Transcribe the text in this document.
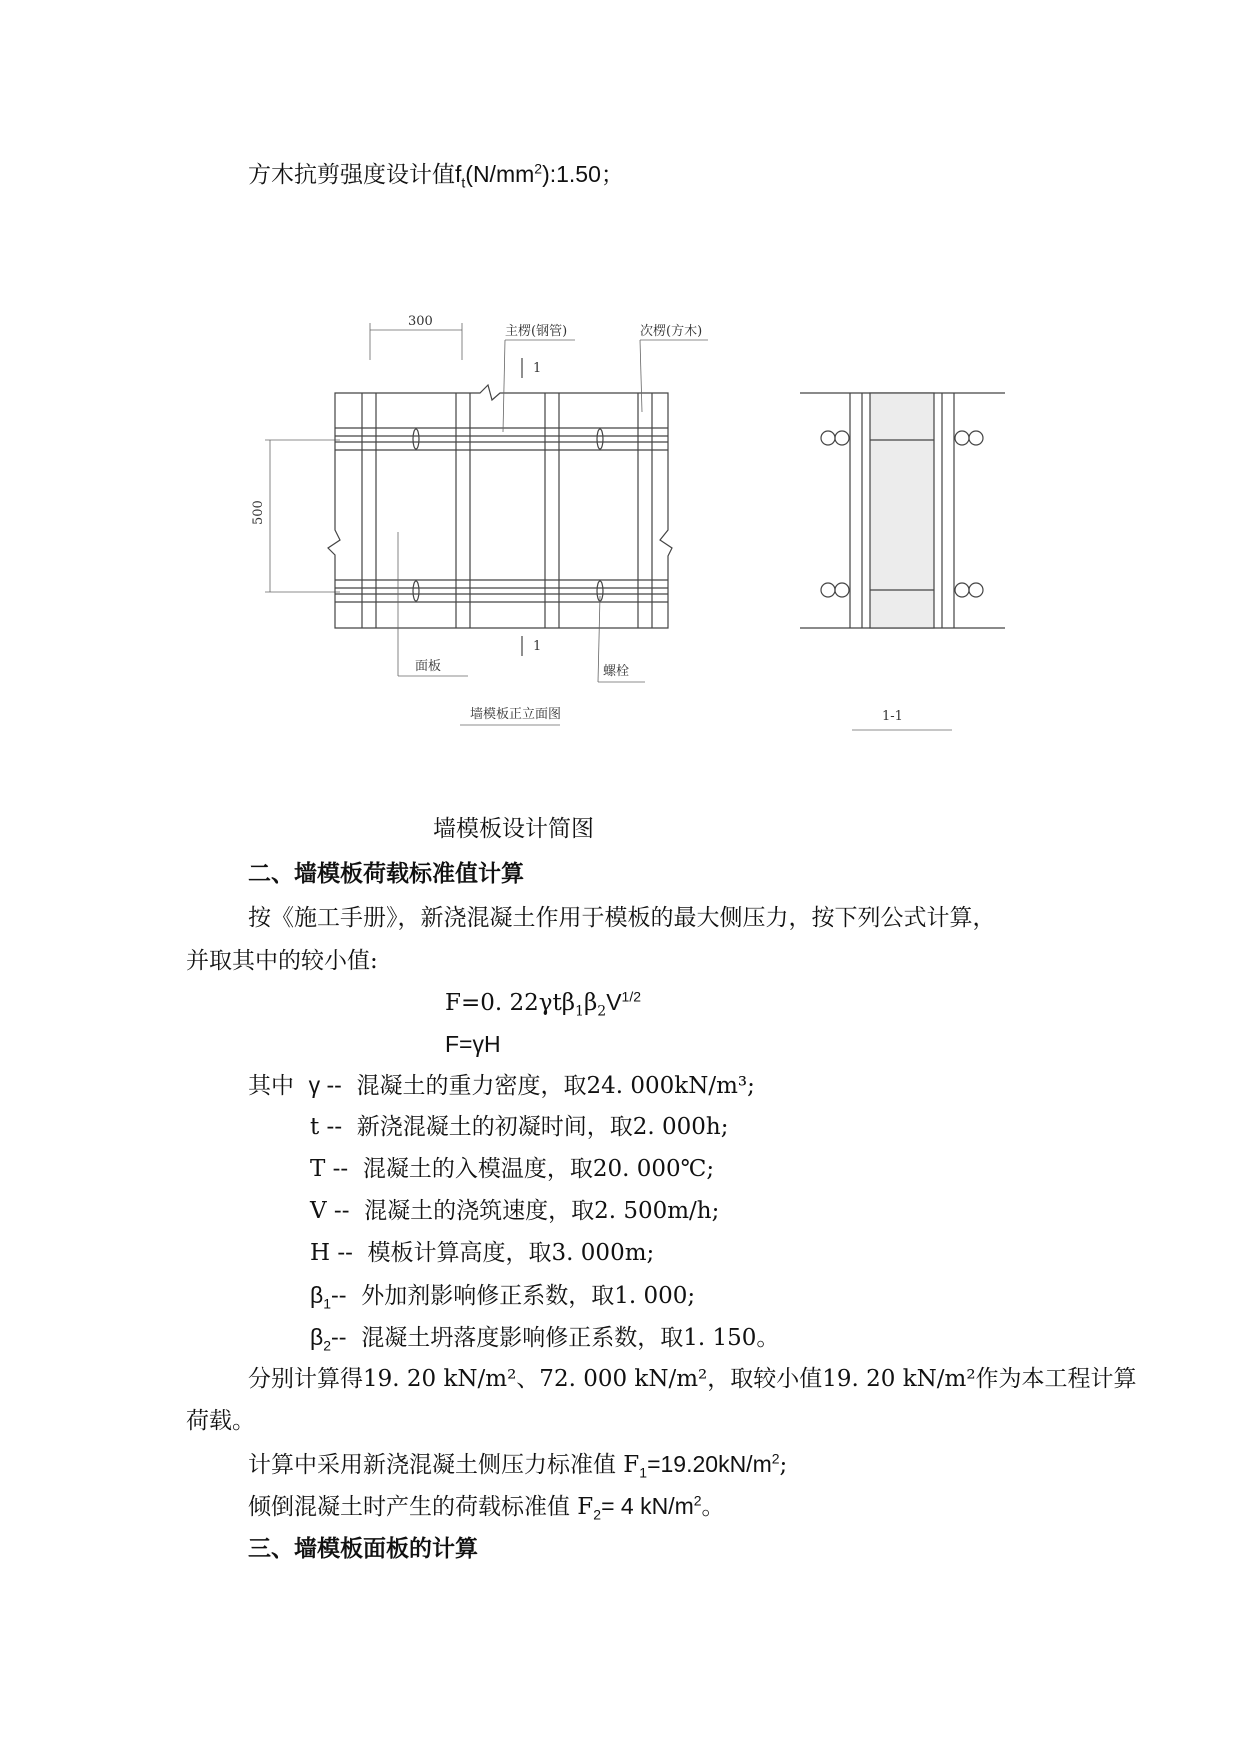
方木抗剪强度设计值$f_t(N/mm^2):1.50$；
300
500
1
1
主楞(钢管)	次楞(方木)
面板	螺栓
墙模板正立面图	1-1
墙模板设计简图
二、墙模板荷载标准值计算
按《施工手册》，新浇混凝土作用于模板的最大侧压力，按下列公式计算，
并取其中的较小值:
F=0. $22\gamma t\beta_1\beta_2V^{1/2}$
F=γH
其中 γ -- 混凝土的重力密度，取24. 000kN/m³;
t -- 新浇混凝土的初凝时间，取2. 000h;
T -- 混凝土的入模温度，取20. 000℃;
V -- 混凝土的浇筑速度，取2. 500m/h;
H -- 模板计算高度，取3. 000m;
$\beta_1--$ 外加剂影响修正系数，取1. 000;
$\beta_2--$ 混凝土坍落度影响修正系数，取1. 150。
分别计算得19. 20 kN/m²、72. 000 kN/m²，取较小值19. 20 kN/m²作为本工程计算
荷载。
计算中采用新浇混凝土侧压力标准值 $F_1=19.20kN/m^2$;
倾倒混凝土时产生的荷载标准值 $F_2= 4$ $kN/m^2$。
三、墙模板面板的计算
